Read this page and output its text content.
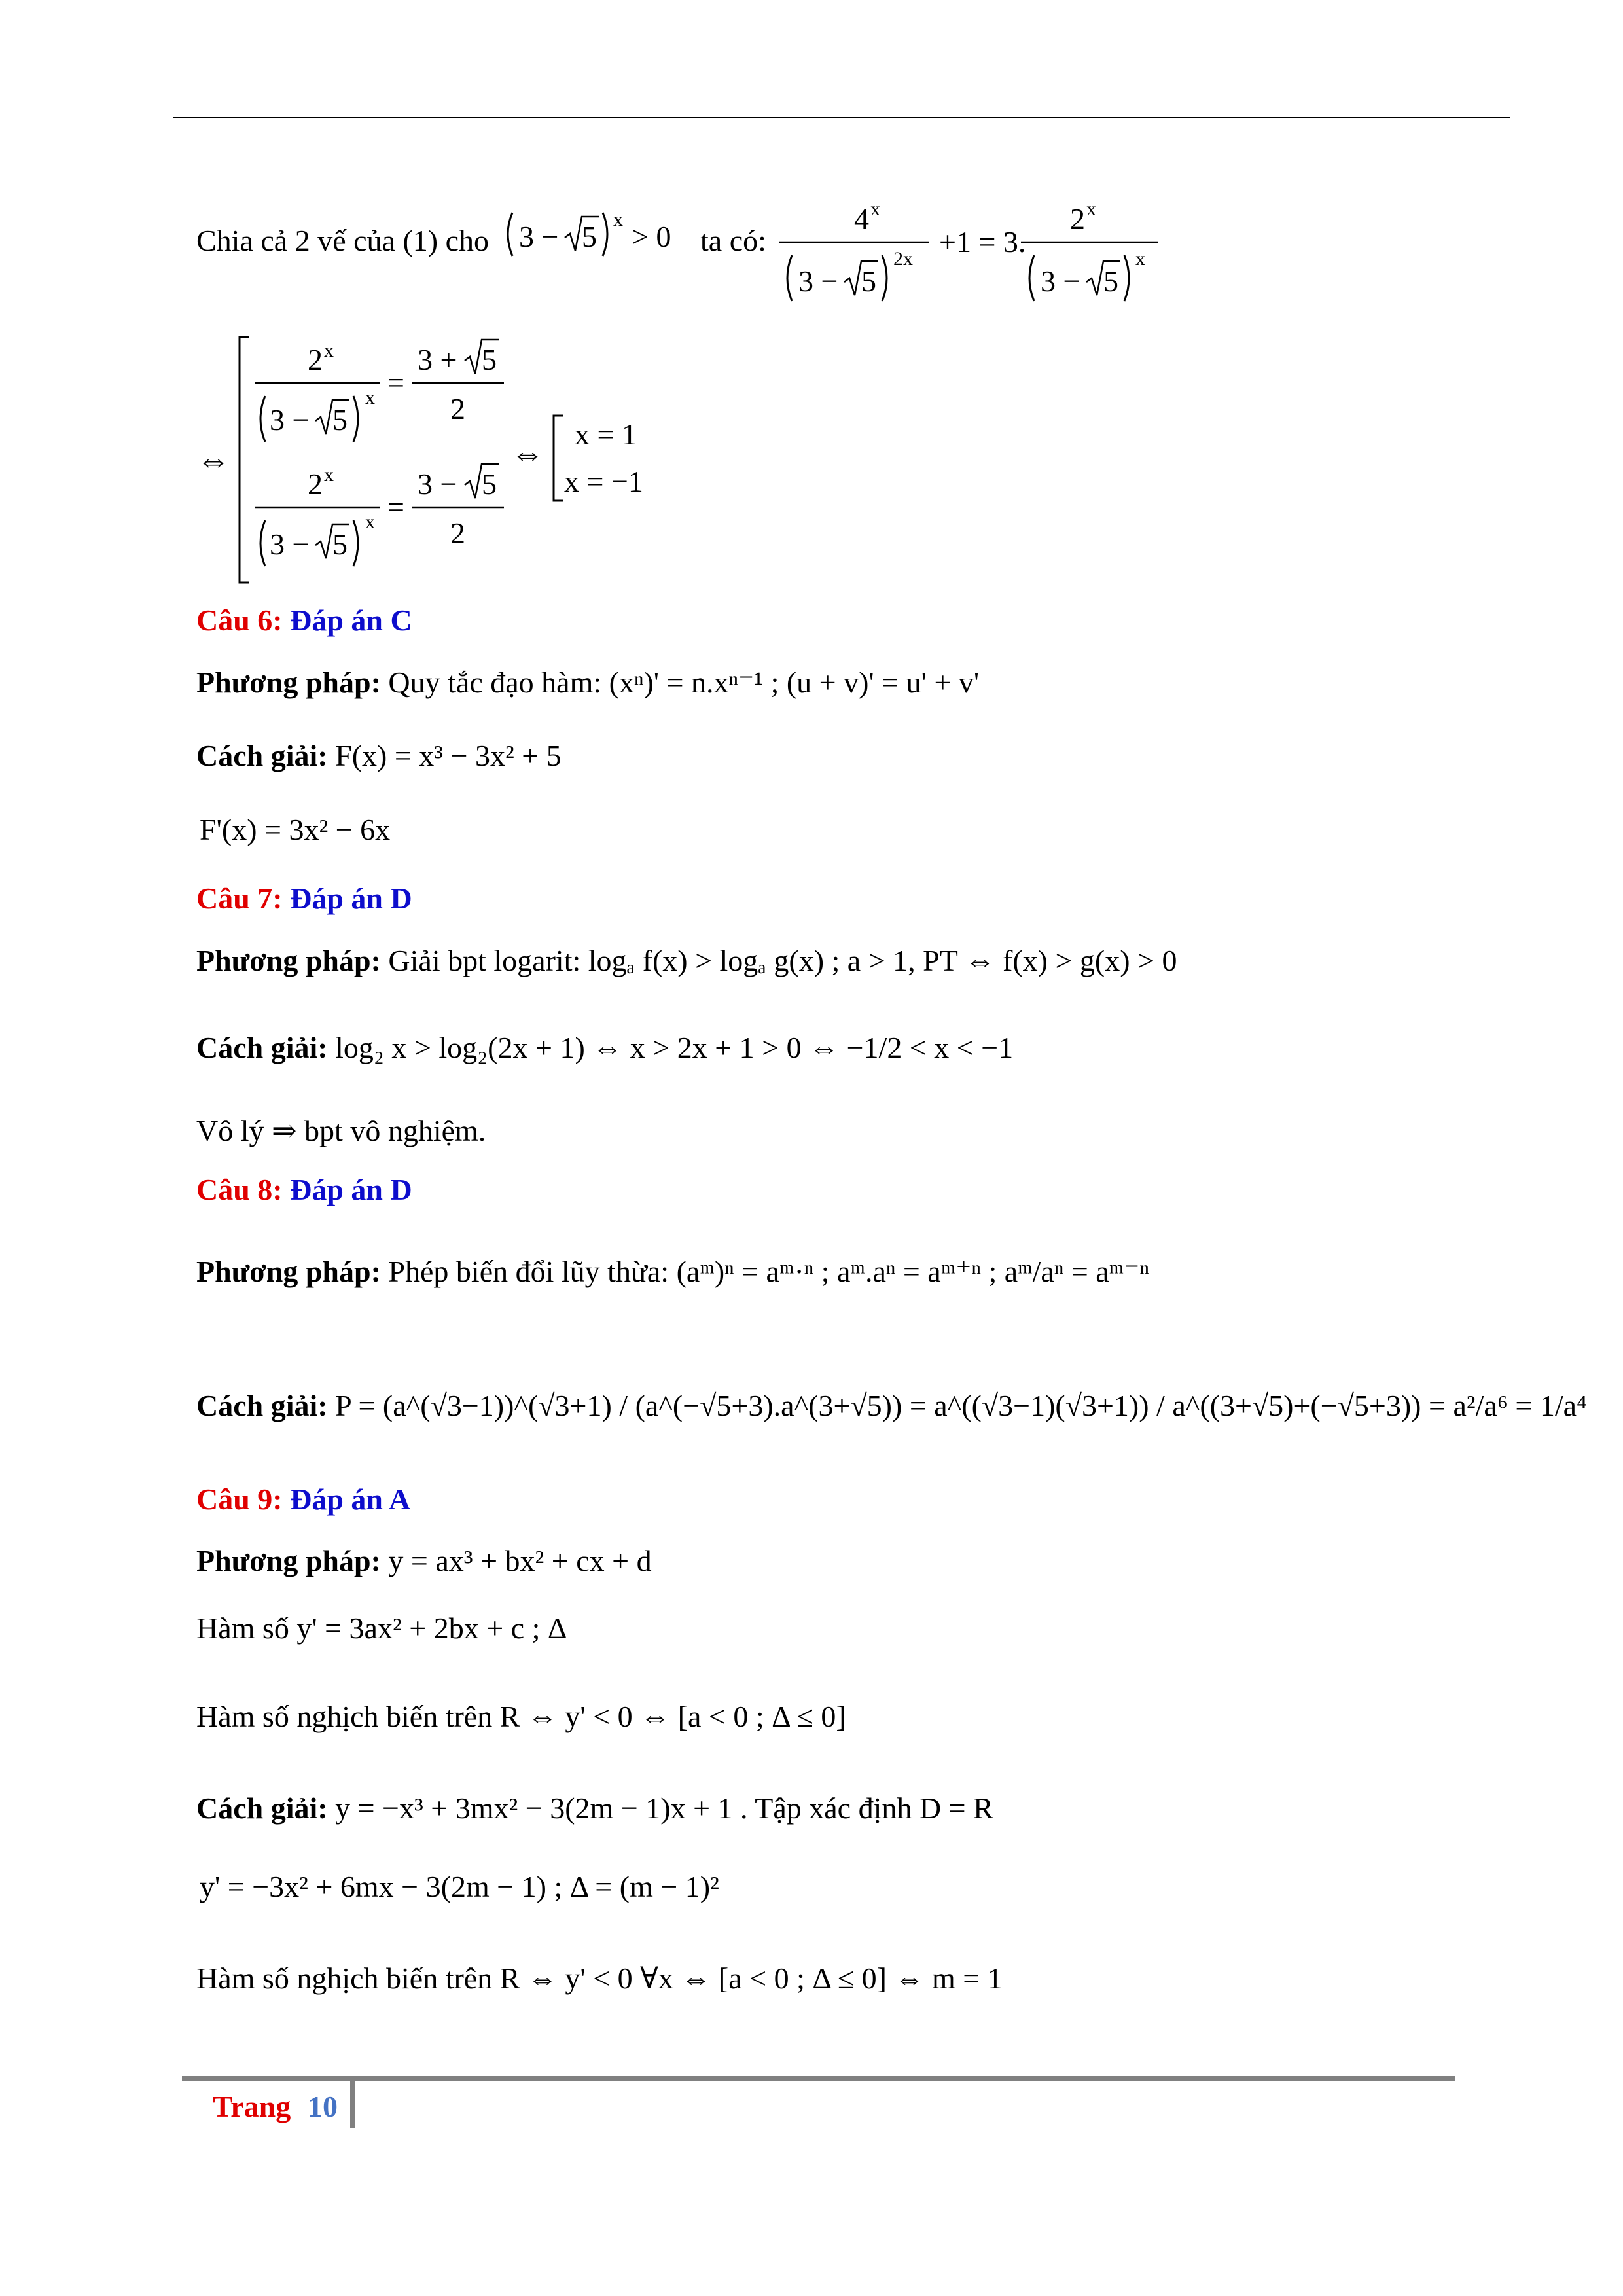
Chia cả 2 vế của (1) cho 3 − 5
x
> 0 ta có:
4 x
3 − 5
2x
+1 = 3.
2 x
3 − 5
x
⇔
2 x
3 − 5
x =
3 + 5
2
2 x
3 − 5
x =
3 − 5
2
⇔
x = 1
x = −1
Câu 6: Đáp án C
Phương pháp: Quy tắc đạo hàm: (xⁿ)' = n.xⁿ⁻¹ ; (u + v)' = u' + v'
Cách giải: F(x) = x³ − 3x² + 5
F'(x) = 3x² − 6x
Câu 7: Đáp án D
Phương pháp: Giải bpt logarit: logₐ f(x) > logₐ g(x) ; a > 1, PT ⇔ f(x) > g(x) > 0
Cách giải: log₂ x > log₂(2x + 1) ⇔ x > 2x + 1 > 0 ⇔ −1/2 < x < −1
Vô lý ⇒ bpt vô nghiệm.
Câu 8: Đáp án D
Phương pháp: Phép biến đổi lũy thừa: (aᵐ)ⁿ = aᵐ·ⁿ ; aᵐ.aⁿ = aᵐ⁺ⁿ ; aᵐ/aⁿ = aᵐ⁻ⁿ
Cách giải: P = (a^(√3−1))^(√3+1) / (a^(−√5+3).a^(3+√5)) = a^((√3−1)(√3+1)) / a^((3+√5)+(−√5+3)) = a²/a⁶ = 1/a⁴
Câu 9: Đáp án A
Phương pháp: y = ax³ + bx² + cx + d
Hàm số y' = 3ax² + 2bx + c ; Δ
Hàm số nghịch biến trên R ⇔ y' < 0 ⇔ [a < 0 ; Δ ≤ 0]
Cách giải: y = −x³ + 3mx² − 3(2m − 1)x + 1 . Tập xác định D = R
y' = −3x² + 6mx − 3(2m − 1) ; Δ = (m − 1)²
Hàm số nghịch biến trên R ⇔ y' < 0 ∀x ⇔ [a < 0 ; Δ ≤ 0] ⇔ m = 1
Trang 10
